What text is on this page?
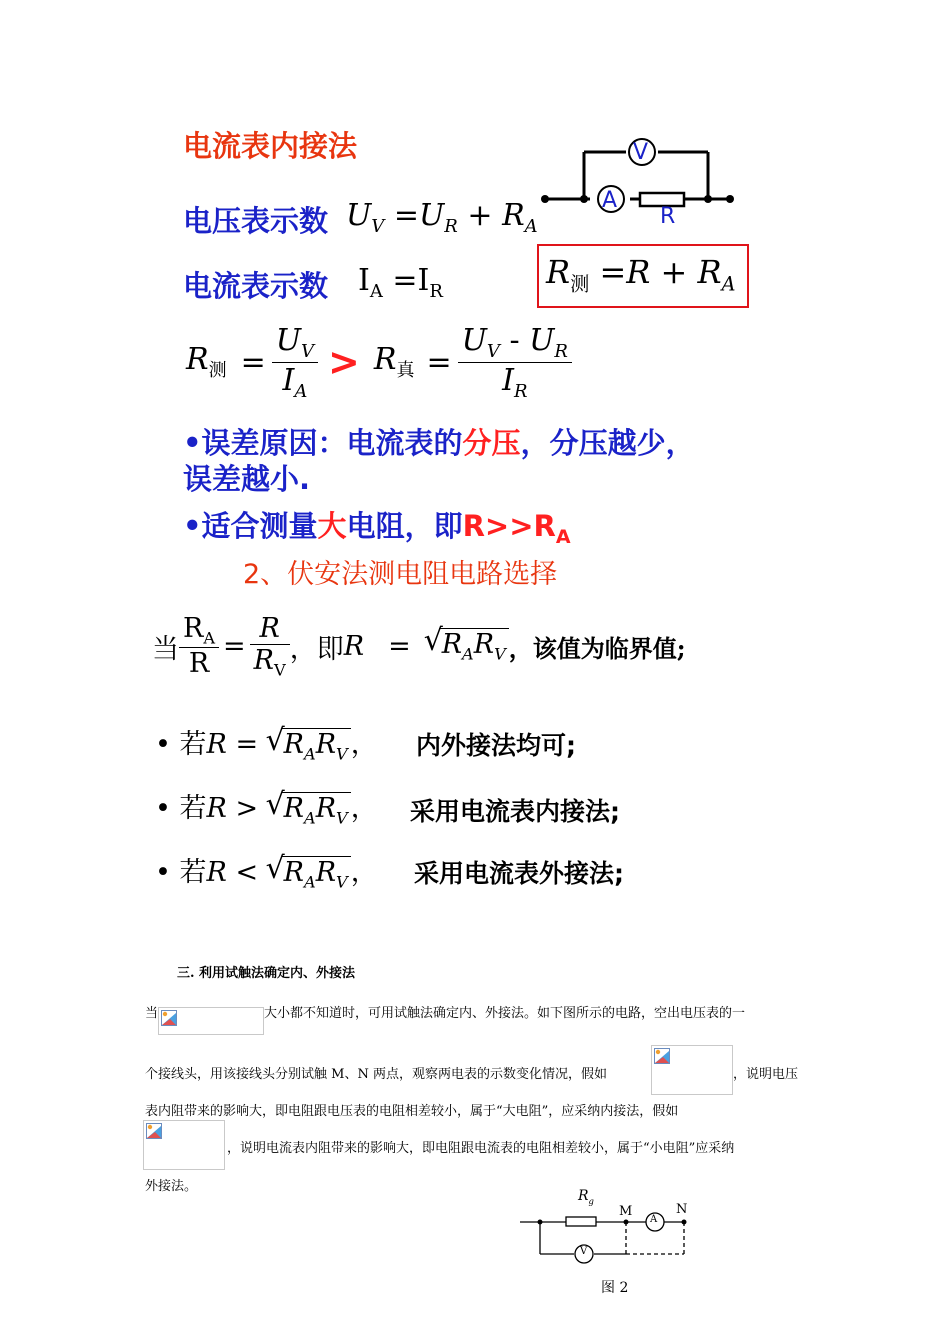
电流表内接法	V
A
R
电压表示数 $U_V =U_R + R_A$
电流表示数 $I_A =I_R$
$R_测 =R + R_A$
$R_测 = \frac{U_V}{I_A} > R_真 = \frac{U_V - U_R}{I_R}$
•误差原因：电流表的分压，分压越少，
误差越小.
•适合测量大电阻，即$R>>R_A$
2、伏安法测电阻电路选择
当 $\frac{R_A}{R} = \frac{R}{R_V}$ ，即 R =
√ $R_AR_V$ ，该值为临界值;
• 若R = √ $R_AR_V$ ， 内外接法均可;
• 若R > √ $R_AR_V$ ， 采用电流表内接法;
• 若R < √ $R_AR_V$ ， 采用电流表外接法;
三. 利用试触法确定内、外接法
当	大小都不知道时，可用试触法确定内、外接法。如下图所示的电路，空出电压表的一
个接线头，用该接线头分别试触 M、N 两点，观察两电表的示数变化情况，假如	，说明电压
表内阻带来的影响大，即电阻跟电压表的电阻相差较小，属于“大电阻”，应采纳内接法，假如
，说明电流表内阻带来的影响大，即电阻跟电流表的电阻相差较小，属于“小电阻”应采纳
外接法。
$R_g$
M	N
A
V
图 2
